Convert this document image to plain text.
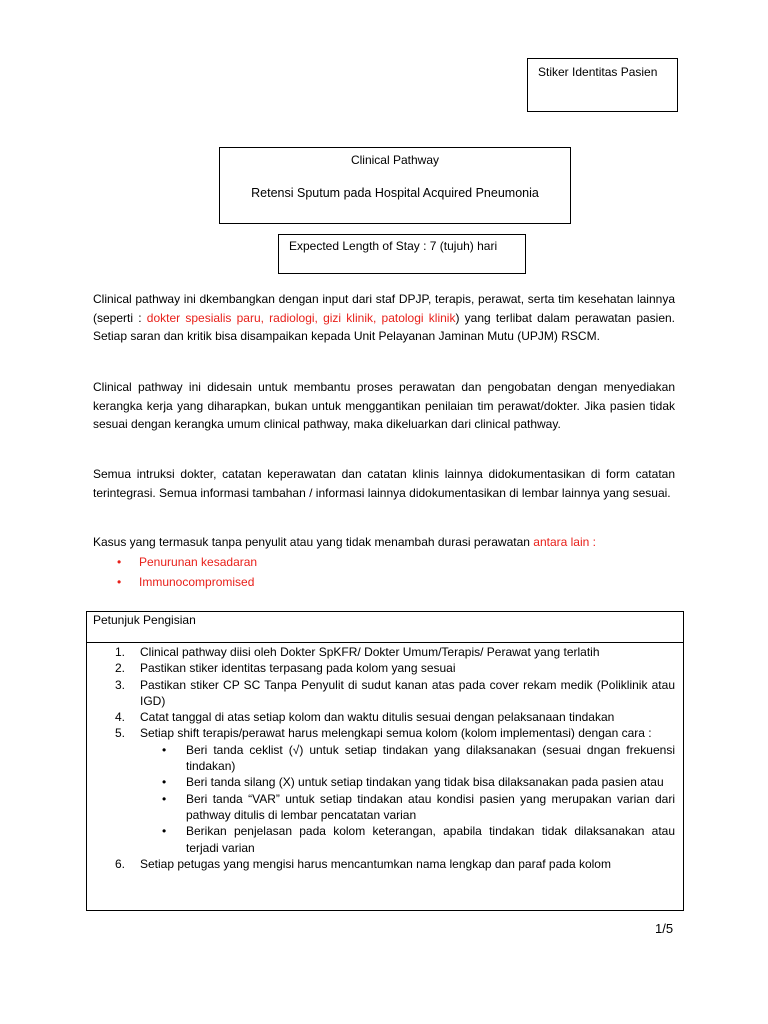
Stiker Identitas Pasien
Clinical Pathway
Retensi Sputum pada Hospital Acquired Pneumonia
Expected Length of Stay : 7 (tujuh) hari

Clinical pathway ini dkembangkan dengan input dari staf DPJP, terapis, perawat, serta tim kesehatan lainnya (seperti : dokter spesialis paru, radiologi, gizi klinik, patologi klinik) yang terlibat dalam perawatan pasien. Setiap saran dan kritik bisa disampaikan kepada Unit Pelayanan Jaminan Mutu (UPJM) RSCM.

Clinical pathway ini didesain untuk membantu proses perawatan dan pengobatan dengan menyediakan kerangka kerja yang diharapkan, bukan untuk menggantikan penilaian tim perawat/dokter. Jika pasien tidak sesuai dengan kerangka umum clinical pathway, maka dikeluarkan dari clinical pathway.

Semua intruksi dokter, catatan keperawatan dan catatan klinis lainnya didokumentasikan di form catatan terintegrasi. Semua informasi tambahan / informasi lainnya didokumentasikan di lembar lainnya yang sesuai.

Kasus yang termasuk tanpa penyulit atau yang tidak menambah durasi perawatan antara lain :

• Penurunan kesadaran
• Immunocompromised
Petunjuk Pengisian
1. Clinical pathway diisi oleh Dokter SpKFR/ Dokter Umum/Terapis/ Perawat yang terlatih
2. Pastikan stiker identitas terpasang pada kolom yang sesuai
3. Pastikan stiker CP SC Tanpa Penyulit di sudut kanan atas pada cover rekam medik (Poliklinik atau IGD)
4. Catat tanggal di atas setiap kolom dan waktu ditulis sesuai dengan pelaksanaan tindakan
5. Setiap shift terapis/perawat harus melengkapi semua kolom (kolom implementasi) dengan cara :
• Beri tanda ceklist (√) untuk setiap tindakan yang dilaksanakan (sesuai dngan frekuensi tindakan)
• Beri tanda silang (X) untuk setiap tindakan yang tidak bisa dilaksanakan pada pasien atau
• Beri tanda “VAR” untuk setiap tindakan atau kondisi pasien yang merupakan varian dari pathway ditulis di lembar pencatatan varian
• Berikan penjelasan pada kolom keterangan, apabila tindakan tidak dilaksanakan atau terjadi varian
6. Setiap petugas yang mengisi harus mencantumkan nama lengkap dan paraf pada kolom
1/5
